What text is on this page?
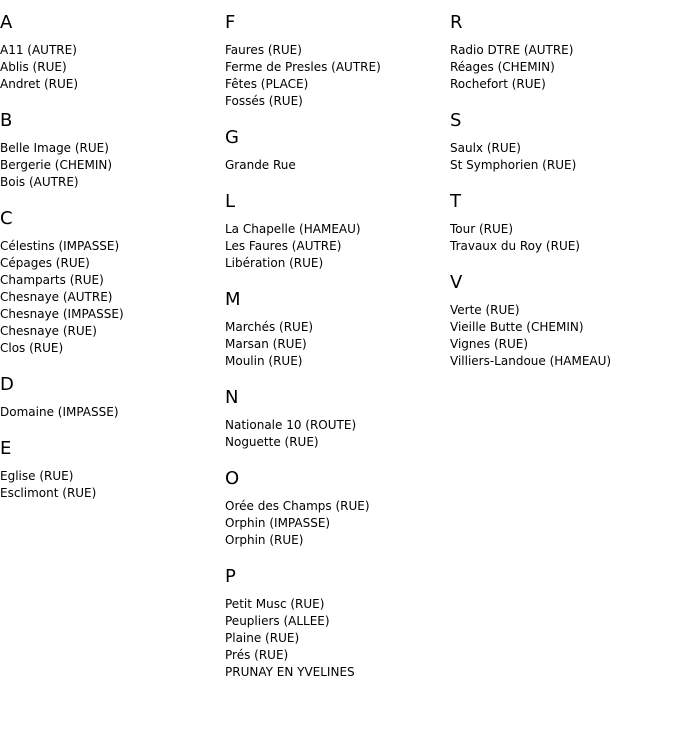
A
A11 (AUTRE)
Ablis (RUE)
Andret (RUE)
B
Belle Image (RUE)
Bergerie (CHEMIN)
Bois (AUTRE)
C
Célestins (IMPASSE)
Cépages (RUE)
Champarts (RUE)
Chesnaye (AUTRE)
Chesnaye (IMPASSE)
Chesnaye (RUE)
Clos (RUE)
D
Domaine (IMPASSE)
E
Eglise (RUE)
Esclimont (RUE)
F
Faures (RUE)
Ferme de Presles (AUTRE)
Fêtes (PLACE)
Fossés (RUE)
G
Grande Rue
L
La Chapelle (HAMEAU)
Les Faures (AUTRE)
Libération (RUE)
M
Marchés (RUE)
Marsan (RUE)
Moulin (RUE)
N
Nationale 10 (ROUTE)
Noguette (RUE)
O
Orée des Champs (RUE)
Orphin (IMPASSE)
Orphin (RUE)
P
Petit Musc (RUE)
Peupliers (ALLEE)
Plaine (RUE)
Prés (RUE)
PRUNAY EN YVELINES
R
Radio DTRE (AUTRE)
Réages (CHEMIN)
Rochefort (RUE)
S
Saulx (RUE)
St Symphorien (RUE)
T
Tour (RUE)
Travaux du Roy (RUE)
V
Verte (RUE)
Vieille Butte (CHEMIN)
Vignes (RUE)
Villiers-Landoue (HAMEAU)
